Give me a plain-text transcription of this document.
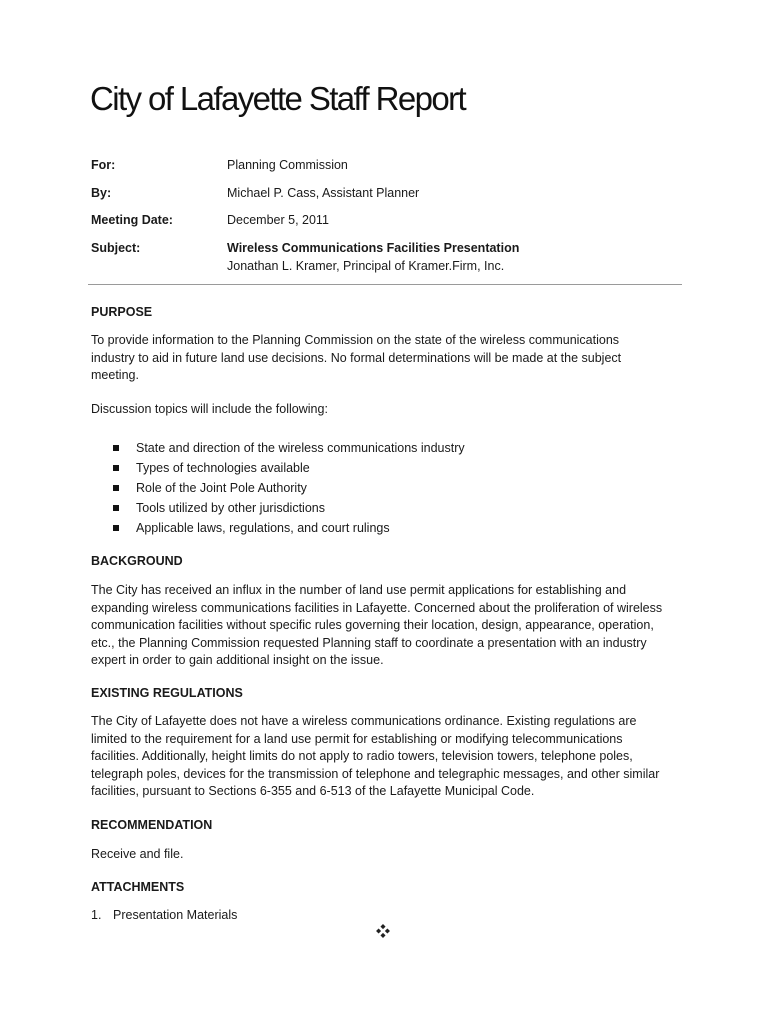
City of Lafayette Staff Report
For:	Planning Commission
By:	Michael P. Cass, Assistant Planner
Meeting Date:	December 5, 2011
Subject:	Wireless Communications Facilities Presentation
Jonathan L. Kramer, Principal of Kramer.Firm, Inc.
PURPOSE
To provide information to the Planning Commission on the state of the wireless communications
industry to aid in future land use decisions. No formal determinations will be made at the subject
meeting.
Discussion topics will include the following:
State and direction of the wireless communications industry
Types of technologies available
Role of the Joint Pole Authority
Tools utilized by other jurisdictions
Applicable laws, regulations, and court rulings
BACKGROUND
The City has received an influx in the number of land use permit applications for establishing and
expanding wireless communications facilities in Lafayette. Concerned about the proliferation of wireless
communication facilities without specific rules governing their location, design, appearance, operation,
etc., the Planning Commission requested Planning staff to coordinate a presentation with an industry
expert in order to gain additional insight on the issue.
EXISTING REGULATIONS
The City of Lafayette does not have a wireless communications ordinance. Existing regulations are
limited to the requirement for a land use permit for establishing or modifying telecommunications
facilities. Additionally, height limits do not apply to radio towers, television towers, telephone poles,
telegraph poles, devices for the transmission of telephone and telegraphic messages, and other similar
facilities, pursuant to Sections 6-355 and 6-513 of the Lafayette Municipal Code.
RECOMMENDATION
Receive and file.
ATTACHMENTS
1. Presentation Materials
